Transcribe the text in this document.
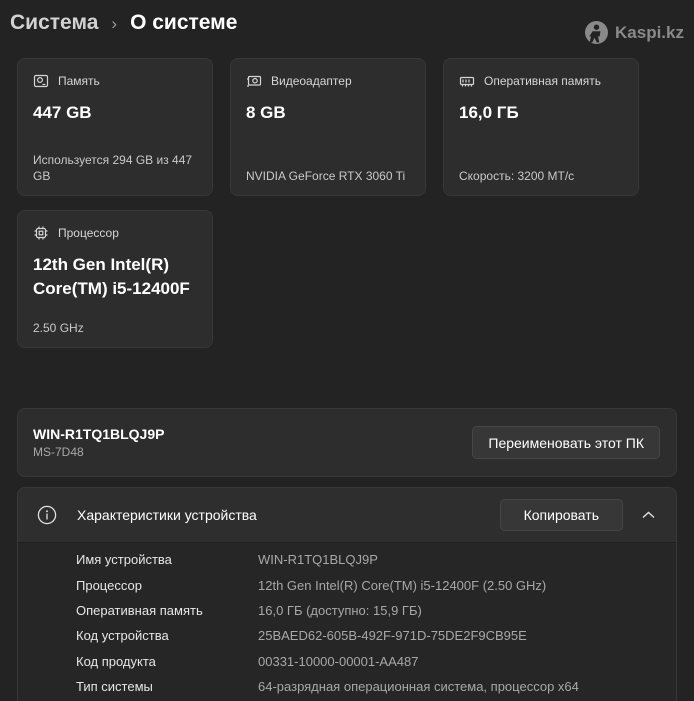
Система › О системе	Kaspi.kz
Память
447 GB
Используется 294 GB из 447 GB
Видеоадаптер
8 GB
NVIDIA GeForce RTX 3060 Ti
Оперативная память
16,0 ГБ
Скорость: 3200 МТ/с
Процессор
12th Gen Intel(R) Core(TM) i5-12400F
2.50 GHz
WIN-R1TQ1BLQJ9P
MS-7D48
Переименовать этот ПК
Характеристики устройства	Копировать
Имя устройства	WIN-R1TQ1BLQJ9P
Процессор	12th Gen Intel(R) Core(TM) i5-12400F (2.50 GHz)
Оперативная память	16,0 ГБ (доступно: 15,9 ГБ)
Код устройства	25BAED62-605B-492F-971D-75DE2F9CB95E
Код продукта	00331-10000-00001-AA487
Тип системы	64-разрядная операционная система, процессор x64
